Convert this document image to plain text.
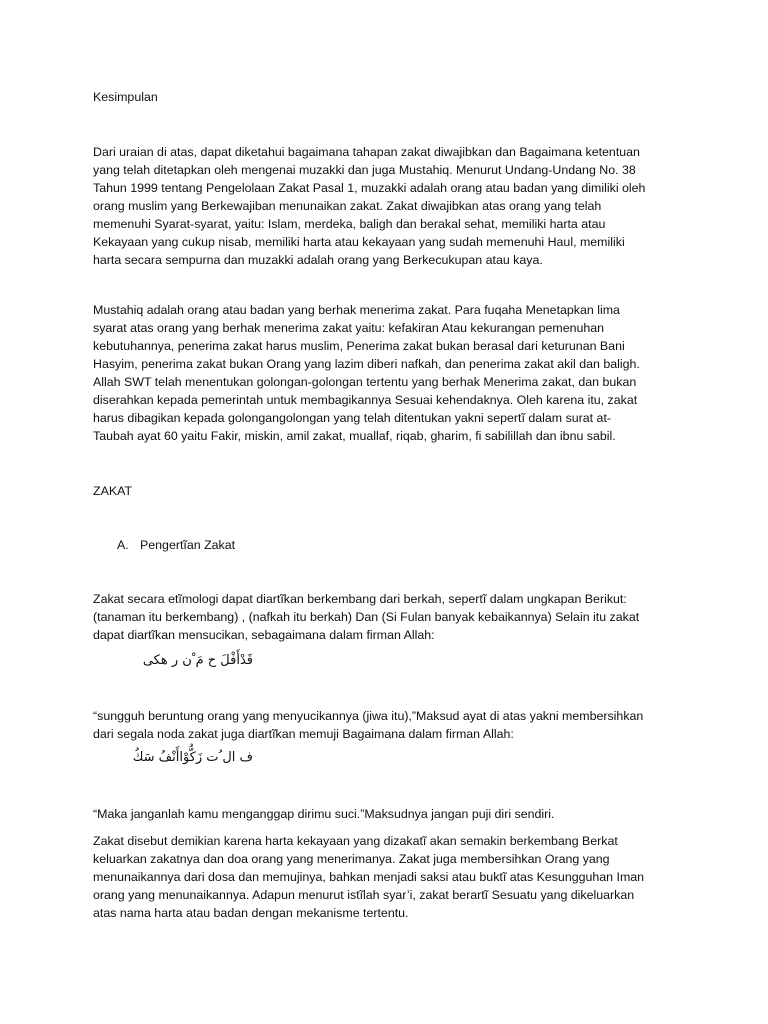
Kesimpulan
Dari uraian di atas, dapat diketahui bagaimana tahapan zakat diwajibkan dan Bagaimana ketentuan
yang telah ditetapkan oleh mengenai muzakki dan juga Mustahiq. Menurut Undang-Undang No. 38
Tahun 1999 tentang Pengelolaan Zakat Pasal 1, muzakki adalah orang atau badan yang dimiliki oleh
orang muslim yang Berkewajiban menunaikan zakat. Zakat diwajibkan atas orang yang telah
memenuhi Syarat-syarat, yaitu: Islam, merdeka, baligh dan berakal sehat, memiliki harta atau
Kekayaan yang cukup nisab, memiliki harta atau kekayaan yang sudah memenuhi Haul, memiliki
harta secara sempurna dan muzakki adalah orang yang Berkecukupan atau kaya.
Mustahiq adalah orang atau badan yang berhak menerima zakat. Para fuqaha Menetapkan lima
syarat atas orang yang berhak menerima zakat yaitu: kefakiran Atau kekurangan pemenuhan
kebutuhannya, penerima zakat harus muslim, Penerima zakat bukan berasal dari keturunan Bani
Hasyim, penerima zakat bukan Orang yang lazim diberi nafkah, dan penerima zakat akil dan baligh.
Allah SWT telah menentukan golongan-golongan tertentu yang berhak Menerima zakat, dan bukan
diserahkan kepada pemerintah untuk membagikannya Sesuai kehendaknya. Oleh karena itu, zakat
harus dibagikan kepada golongangolongan yang telah ditentukan yakni sepertĩ dalam surat at-
Taubah ayat 60 yaitu Fakir, miskin, amil zakat, muallaf, riqab, gharim, fi sabilillah dan ibnu sabil.
ZAKAT
A. Pengertĩan Zakat
Zakat secara etĩmologi dapat diartĩkan berkembang dari berkah, sepertĩ dalam ungkapan Berikut:
(tanaman itu berkembang) , (nafkah itu berkah) Dan (Si Fulan banyak kebaikannya) Selain itu zakat
dapat diartĩkan mensucikan, sebagaimana dalam firman Allah:
قَدْأَفْلَ ح مَ ْن ر هكى
“sungguh beruntung orang yang menyucikannya (jiwa itu),”Maksud ayat di atas yakni membersihkan
dari segala noda zakat juga diartĩkan memuji Bagaimana dalam firman Allah:
ف ال ُت زَكُّوْاأَنْفُ سَكُ
“Maka janganlah kamu menganggap dirimu suci.”Maksudnya jangan puji diri sendiri.
Zakat disebut demikian karena harta kekayaan yang dizakatĩ akan semakin berkembang Berkat
keluarkan zakatnya dan doa orang yang menerimanya. Zakat juga membersihkan Orang yang
menunaikannya dari dosa dan memujinya, bahkan menjadi saksi atau buktĩ atas Kesungguhan Iman
orang yang menunaikannya. Adapun menurut istĩlah syar’i, zakat berartĩ Sesuatu yang dikeluarkan
atas nama harta atau badan dengan mekanisme tertentu.
